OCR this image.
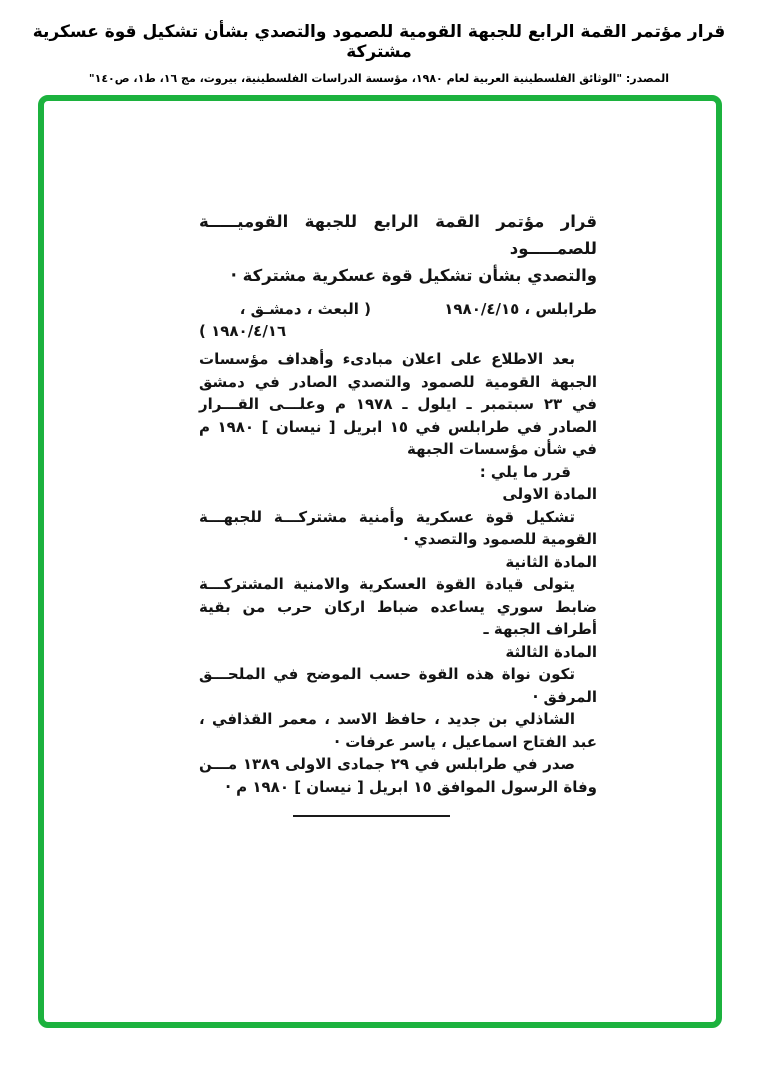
قرار مؤتمر القمة الرابع للجبهة القومية للصمود والتصدي بشأن تشكيل قوة عسكرية مشتركة
المصدر: "الوثائق الفلسطينية العربية لعام ١٩٨٠، مؤسسة الدراسات الفلسطينية، بيروت، مج ١٦، ط١، ص١٤٠"
قرار مؤتمر القمة الرابع للجبهة القوميـــــة للصمـــــود
والتصدي بشأن تشكيل قوة عسكرية مشتركة ·
طرابلس ، ١٩٨٠/٤/١٥
( البعث ، دمشـق ،
١٩٨٠/٤/١٦ )
بعد الاطلاع على اعلان مبادىء وأهداف مؤسسات
الجبهة القومية للصمود والتصدي الصادر في دمشق
في ٢٣ سبتمبر ـ ايلول ـ ١٩٧٨ م وعلـــى القـــرار
الصادر في طرابلس في ١٥ ابريل [ نيسان ] ١٩٨٠ م
في شأن مؤسسات الجبهة
قرر ما يلي :
المادة الاولى
تشكيل قوة عسكرية وأمنية مشتركـــة للجبهـــة
القومية للصمود والتصدي ·
المادة الثانية
يتولى قيادة القوة العسكرية والامنية المشتركـــة
ضابط سوري يساعده ضباط اركان حرب من بقية
أطراف الجبهة ـ
المادة الثالثة
تكون نواة هذه القوة حسب الموضح في الملحـــق
المرفق ·
الشاذلي بن جديد ، حافظ الاسد ، معمر القذافي ،
عبد الفتاح اسماعيل ، ياسر عرفات ·
صدر في طرابلس في ٢٩ جمادى الاولى ١٣٨٩ مـــن
وفاة الرسول الموافق ١٥ ابريل [ نيسان ] ١٩٨٠ م ·
